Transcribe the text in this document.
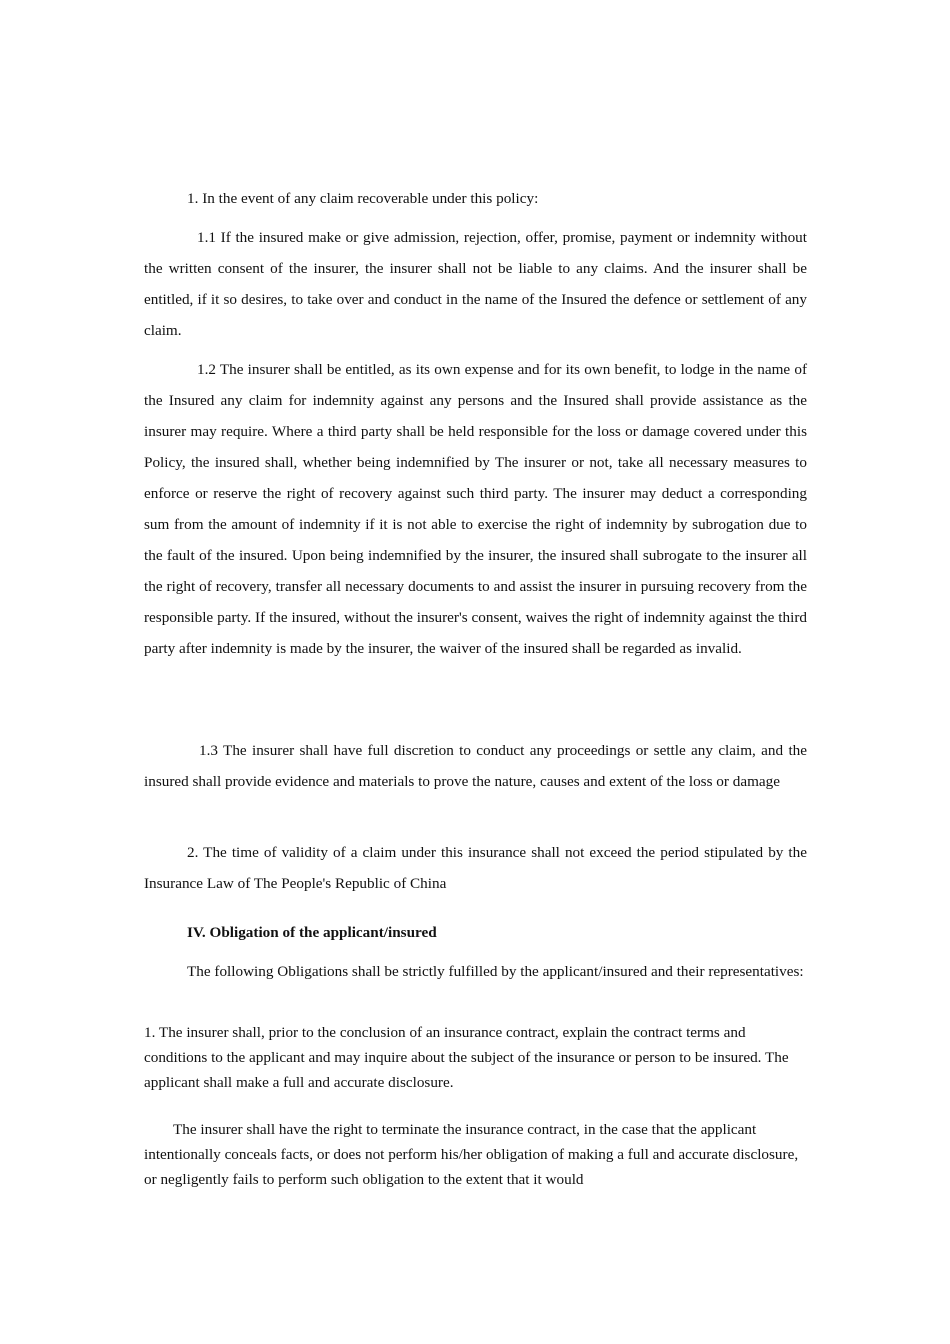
1. In the event of any claim recoverable under this policy:

1.1 If the insured make or give admission, rejection, offer, promise, payment or indemnity without the written consent of the insurer, the insurer shall not be liable to any claims. And the insurer shall be entitled, if it so desires, to take over and conduct in the name of the Insured the defence or settlement of any claim.

1.2 The insurer shall be entitled, as its own expense and for its own benefit, to lodge in the name of the Insured any claim for indemnity against any persons and the Insured shall provide assistance as the insurer may require. Where a third party shall be held responsible for the loss or damage covered under this Policy, the insured shall, whether being indemnified by The insurer or not, take all necessary measures to enforce or reserve the right of recovery against such third party. The insurer may deduct a corresponding sum from the amount of indemnity if it is not able to exercise the right of indemnity by subrogation due to the fault of the insured. Upon being indemnified by the insurer, the insured shall subrogate to the insurer all the right of recovery, transfer all necessary documents to and assist the insurer in pursuing recovery from the responsible party. If the insured, without the insurer's consent, waives the right of indemnity against the third party after indemnity is made by the insurer, the waiver of the insured shall be regarded as invalid.

1.3 The insurer shall have full discretion to conduct any proceedings or settle any claim, and the insured shall provide evidence and materials to prove the nature, causes and extent of the loss or damage

2. The time of validity of a claim under this insurance shall not exceed the period stipulated by the Insurance Law of The People's Republic of China

IV. Obligation of the applicant/insured

The following Obligations shall be strictly fulfilled by the applicant/insured and their representatives:

1. The insurer shall, prior to the conclusion of an insurance contract, explain the contract terms and conditions to the applicant and may inquire about the subject of the insurance or person to be insured. The applicant shall make a full and accurate disclosure.

The insurer shall have the right to terminate the insurance contract, in the case that the applicant intentionally conceals facts, or does not perform his/her obligation of making a full and accurate disclosure, or negligently fails to perform such obligation to the extent that it would
